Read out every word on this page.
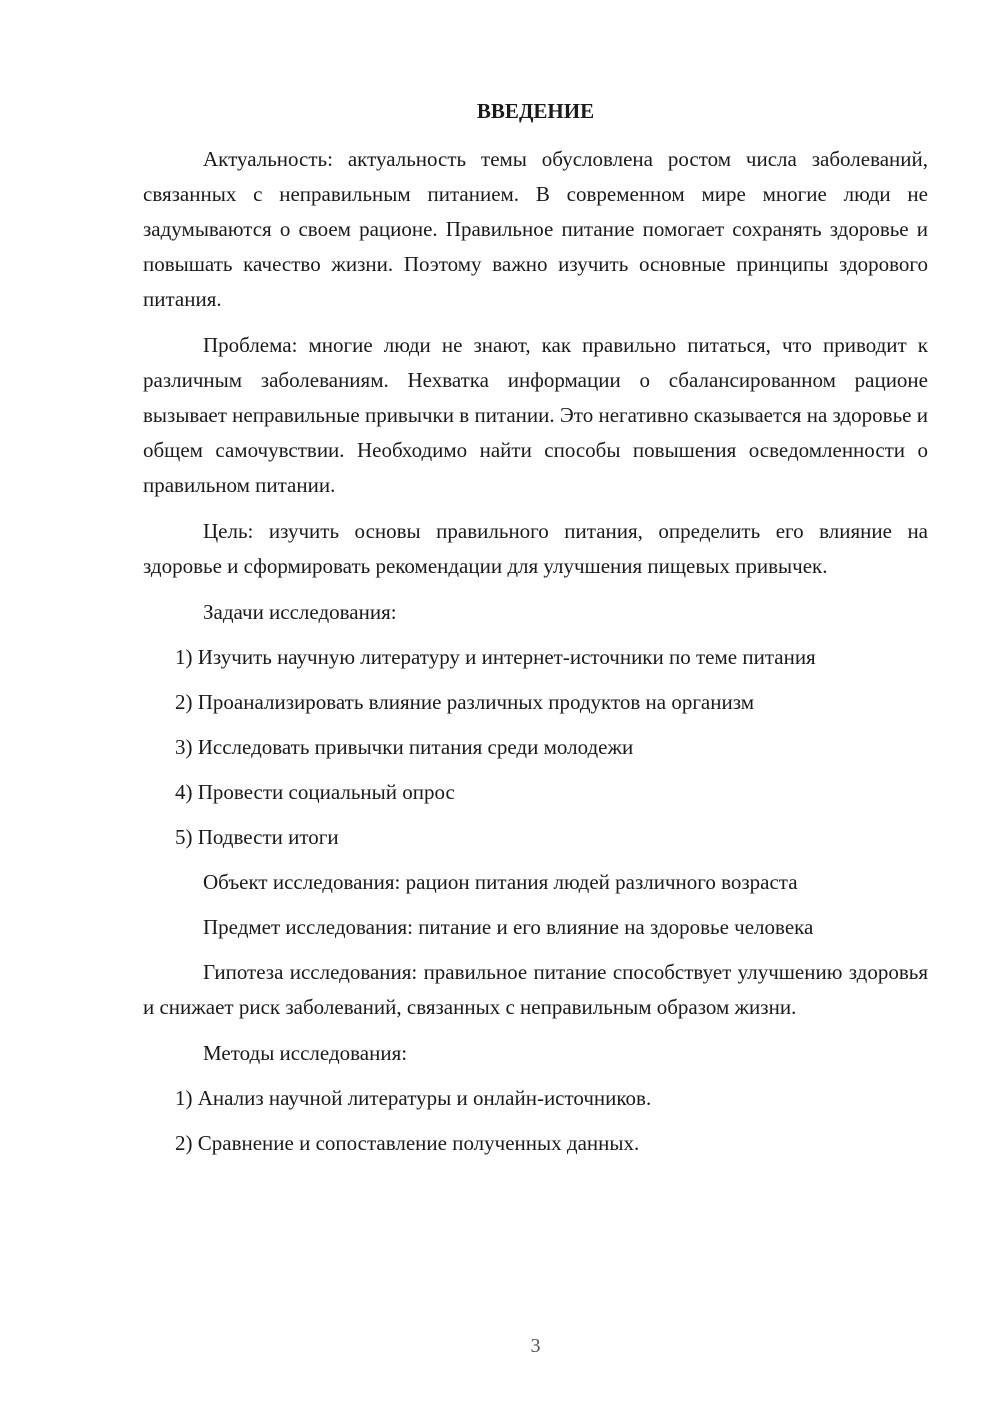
ВВЕДЕНИЕ

Актуальность: актуальность темы обусловлена ростом числа заболеваний, связанных с неправильным питанием. В современном мире многие люди не задумываются о своем рационе. Правильное питание помогает сохранять здоровье и повышать качество жизни. Поэтому важно изучить основные принципы здорового питания.

Проблема: многие люди не знают, как правильно питаться, что приводит к различным заболеваниям. Нехватка информации о сбалансированном рационе вызывает неправильные привычки в питании. Это негативно сказывается на здоровье и общем самочувствии. Необходимо найти способы повышения осведомленности о правильном питании.

Цель: изучить основы правильного питания, определить его влияние на здоровье и сформировать рекомендации для улучшения пищевых привычек.

Задачи исследования:

1) Изучить научную литературу и интернет-источники по теме питания

2) Проанализировать влияние различных продуктов на организм

3) Исследовать привычки питания среди молодежи

4) Провести социальный опрос

5) Подвести итоги

Объект исследования: рацион питания людей различного возраста

Предмет исследования: питание и его влияние на здоровье человека

Гипотеза исследования: правильное питание способствует улучшению здоровья и снижает риск заболеваний, связанных с неправильным образом жизни.

Методы исследования:

1) Анализ научной литературы и онлайн-источников.

2) Сравнение и сопоставление полученных данных.

3
